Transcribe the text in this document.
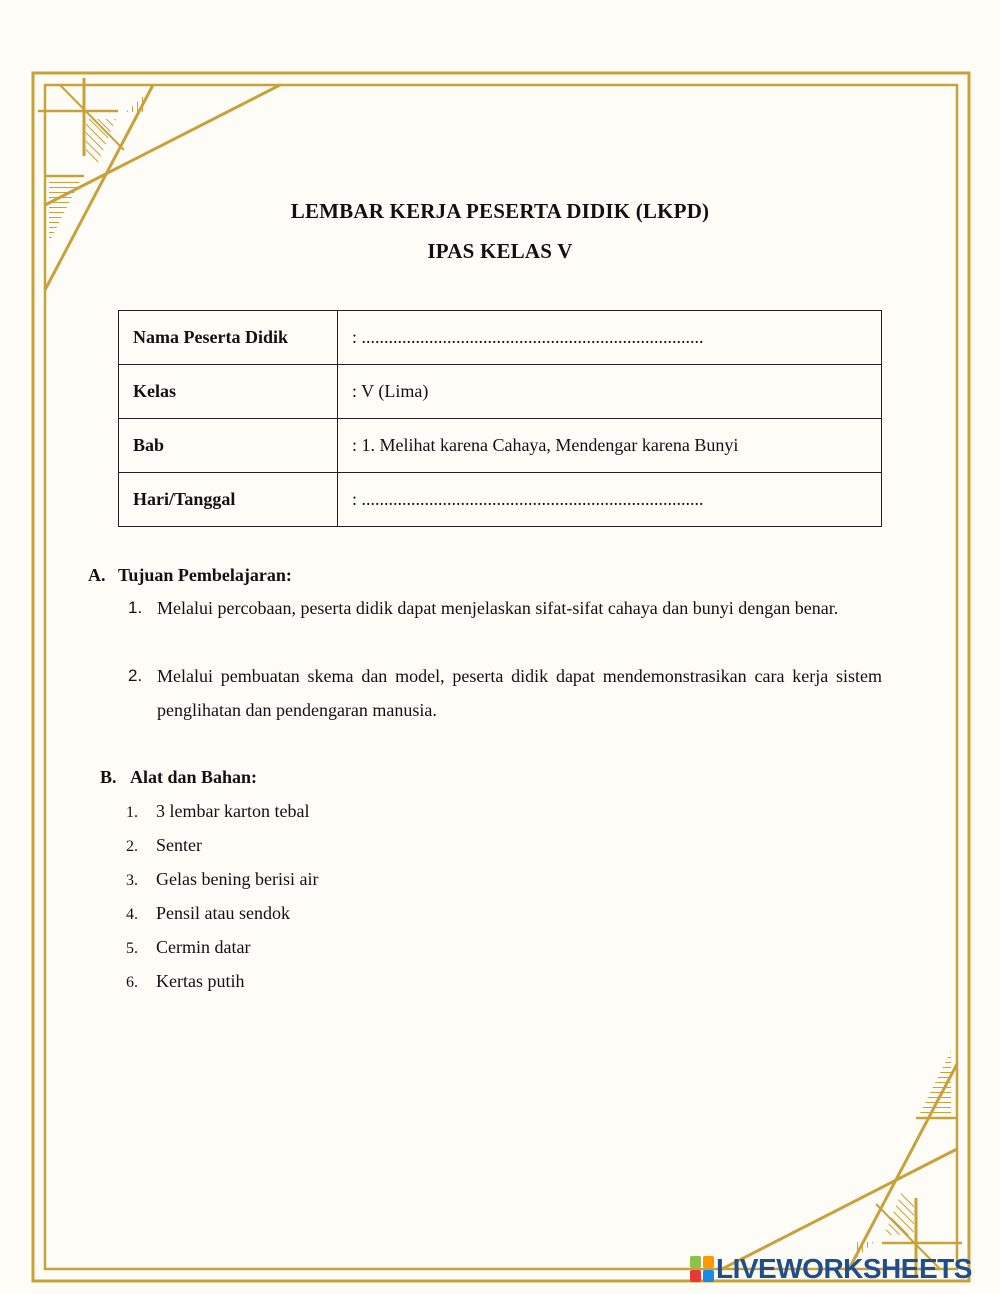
LEMBAR KERJA PESERTA DIDIK (LKPD)
IPAS KELAS V
Nama Peserta Didik	: ............................................................................
Kelas	: V (Lima)
Bab	: 1. Melihat karena Cahaya, Mendengar karena Bunyi
Hari/Tanggal	: ............................................................................
A. Tujuan Pembelajaran:
1. Melalui percobaan, peserta didik dapat menjelaskan sifat-sifat cahaya dan bunyi dengan benar.
2. Melalui pembuatan skema dan model, peserta didik dapat mendemonstrasikan cara kerja sistem penglihatan dan pendengaran manusia.
B. Alat dan Bahan:
1. 3 lembar karton tebal
2. Senter
3. Gelas bening berisi air
4. Pensil atau sendok
5. Cermin datar
6. Kertas putih
LIVEWORKSHEETS
